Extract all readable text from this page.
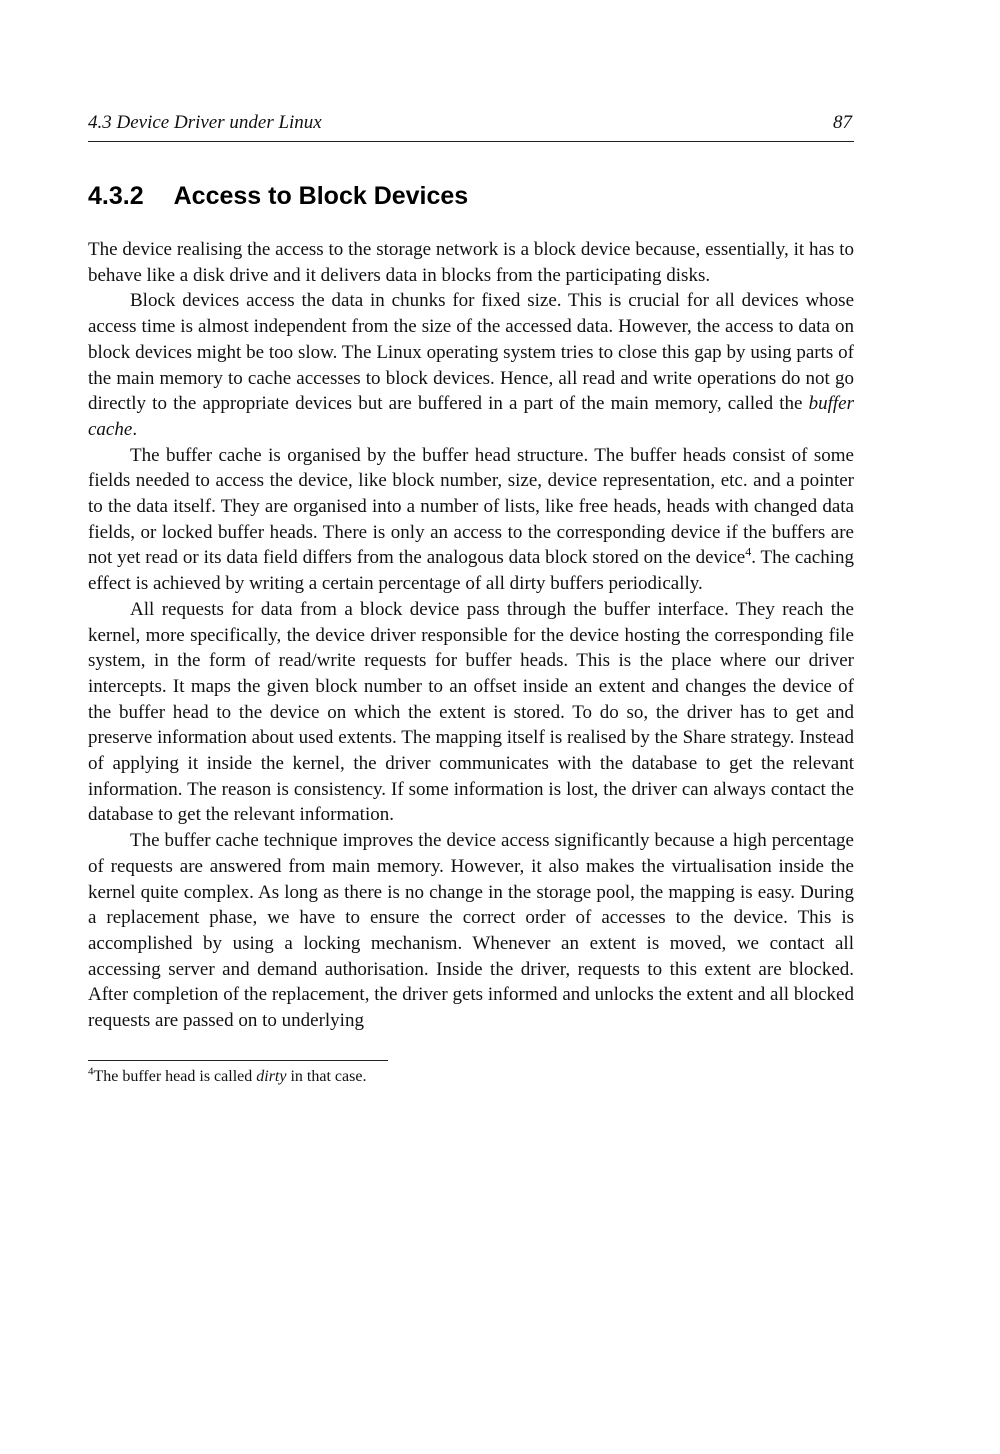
4.3 Device Driver under Linux	87
4.3.2 Access to Block Devices

The device realising the access to the storage network is a block device because, essentially, it has to behave like a disk drive and it delivers data in blocks from the participating disks.

Block devices access the data in chunks for fixed size. This is crucial for all devices whose access time is almost independent from the size of the accessed data. However, the access to data on block devices might be too slow. The Linux operating system tries to close this gap by using parts of the main memory to cache accesses to block devices. Hence, all read and write operations do not go directly to the appropriate devices but are buffered in a part of the main memory, called the buffer cache.

The buffer cache is organised by the buffer head structure. The buffer heads consist of some fields needed to access the device, like block number, size, device representation, etc. and a pointer to the data itself. They are organised into a number of lists, like free heads, heads with changed data fields, or locked buffer heads. There is only an access to the corresponding device if the buffers are not yet read or its data field differs from the analogous data block stored on the device$^4$. The caching effect is achieved by writing a certain percentage of all dirty buffers periodically.

All requests for data from a block device pass through the buffer interface. They reach the kernel, more specifically, the device driver responsible for the device hosting the corresponding file system, in the form of read/write requests for buffer heads. This is the place where our driver intercepts. It maps the given block number to an offset inside an extent and changes the device of the buffer head to the device on which the extent is stored. To do so, the driver has to get and preserve information about used extents. The mapping itself is realised by the Share strategy. Instead of applying it inside the kernel, the driver communicates with the database to get the relevant information. The reason is consistency. If some information is lost, the driver can always contact the database to get the relevant information.

The buffer cache technique improves the device access significantly because a high percentage of requests are answered from main memory. However, it also makes the virtualisation inside the kernel quite complex. As long as there is no change in the storage pool, the mapping is easy. During a replacement phase, we have to ensure the correct order of accesses to the device. This is accomplished by using a locking mechanism. Whenever an extent is moved, we contact all accessing server and demand authorisation. Inside the driver, requests to this extent are blocked. After completion of the replacement, the driver gets informed and unlocks the extent and all blocked requests are passed on to underlying

$^4$The buffer head is called dirty in that case.
